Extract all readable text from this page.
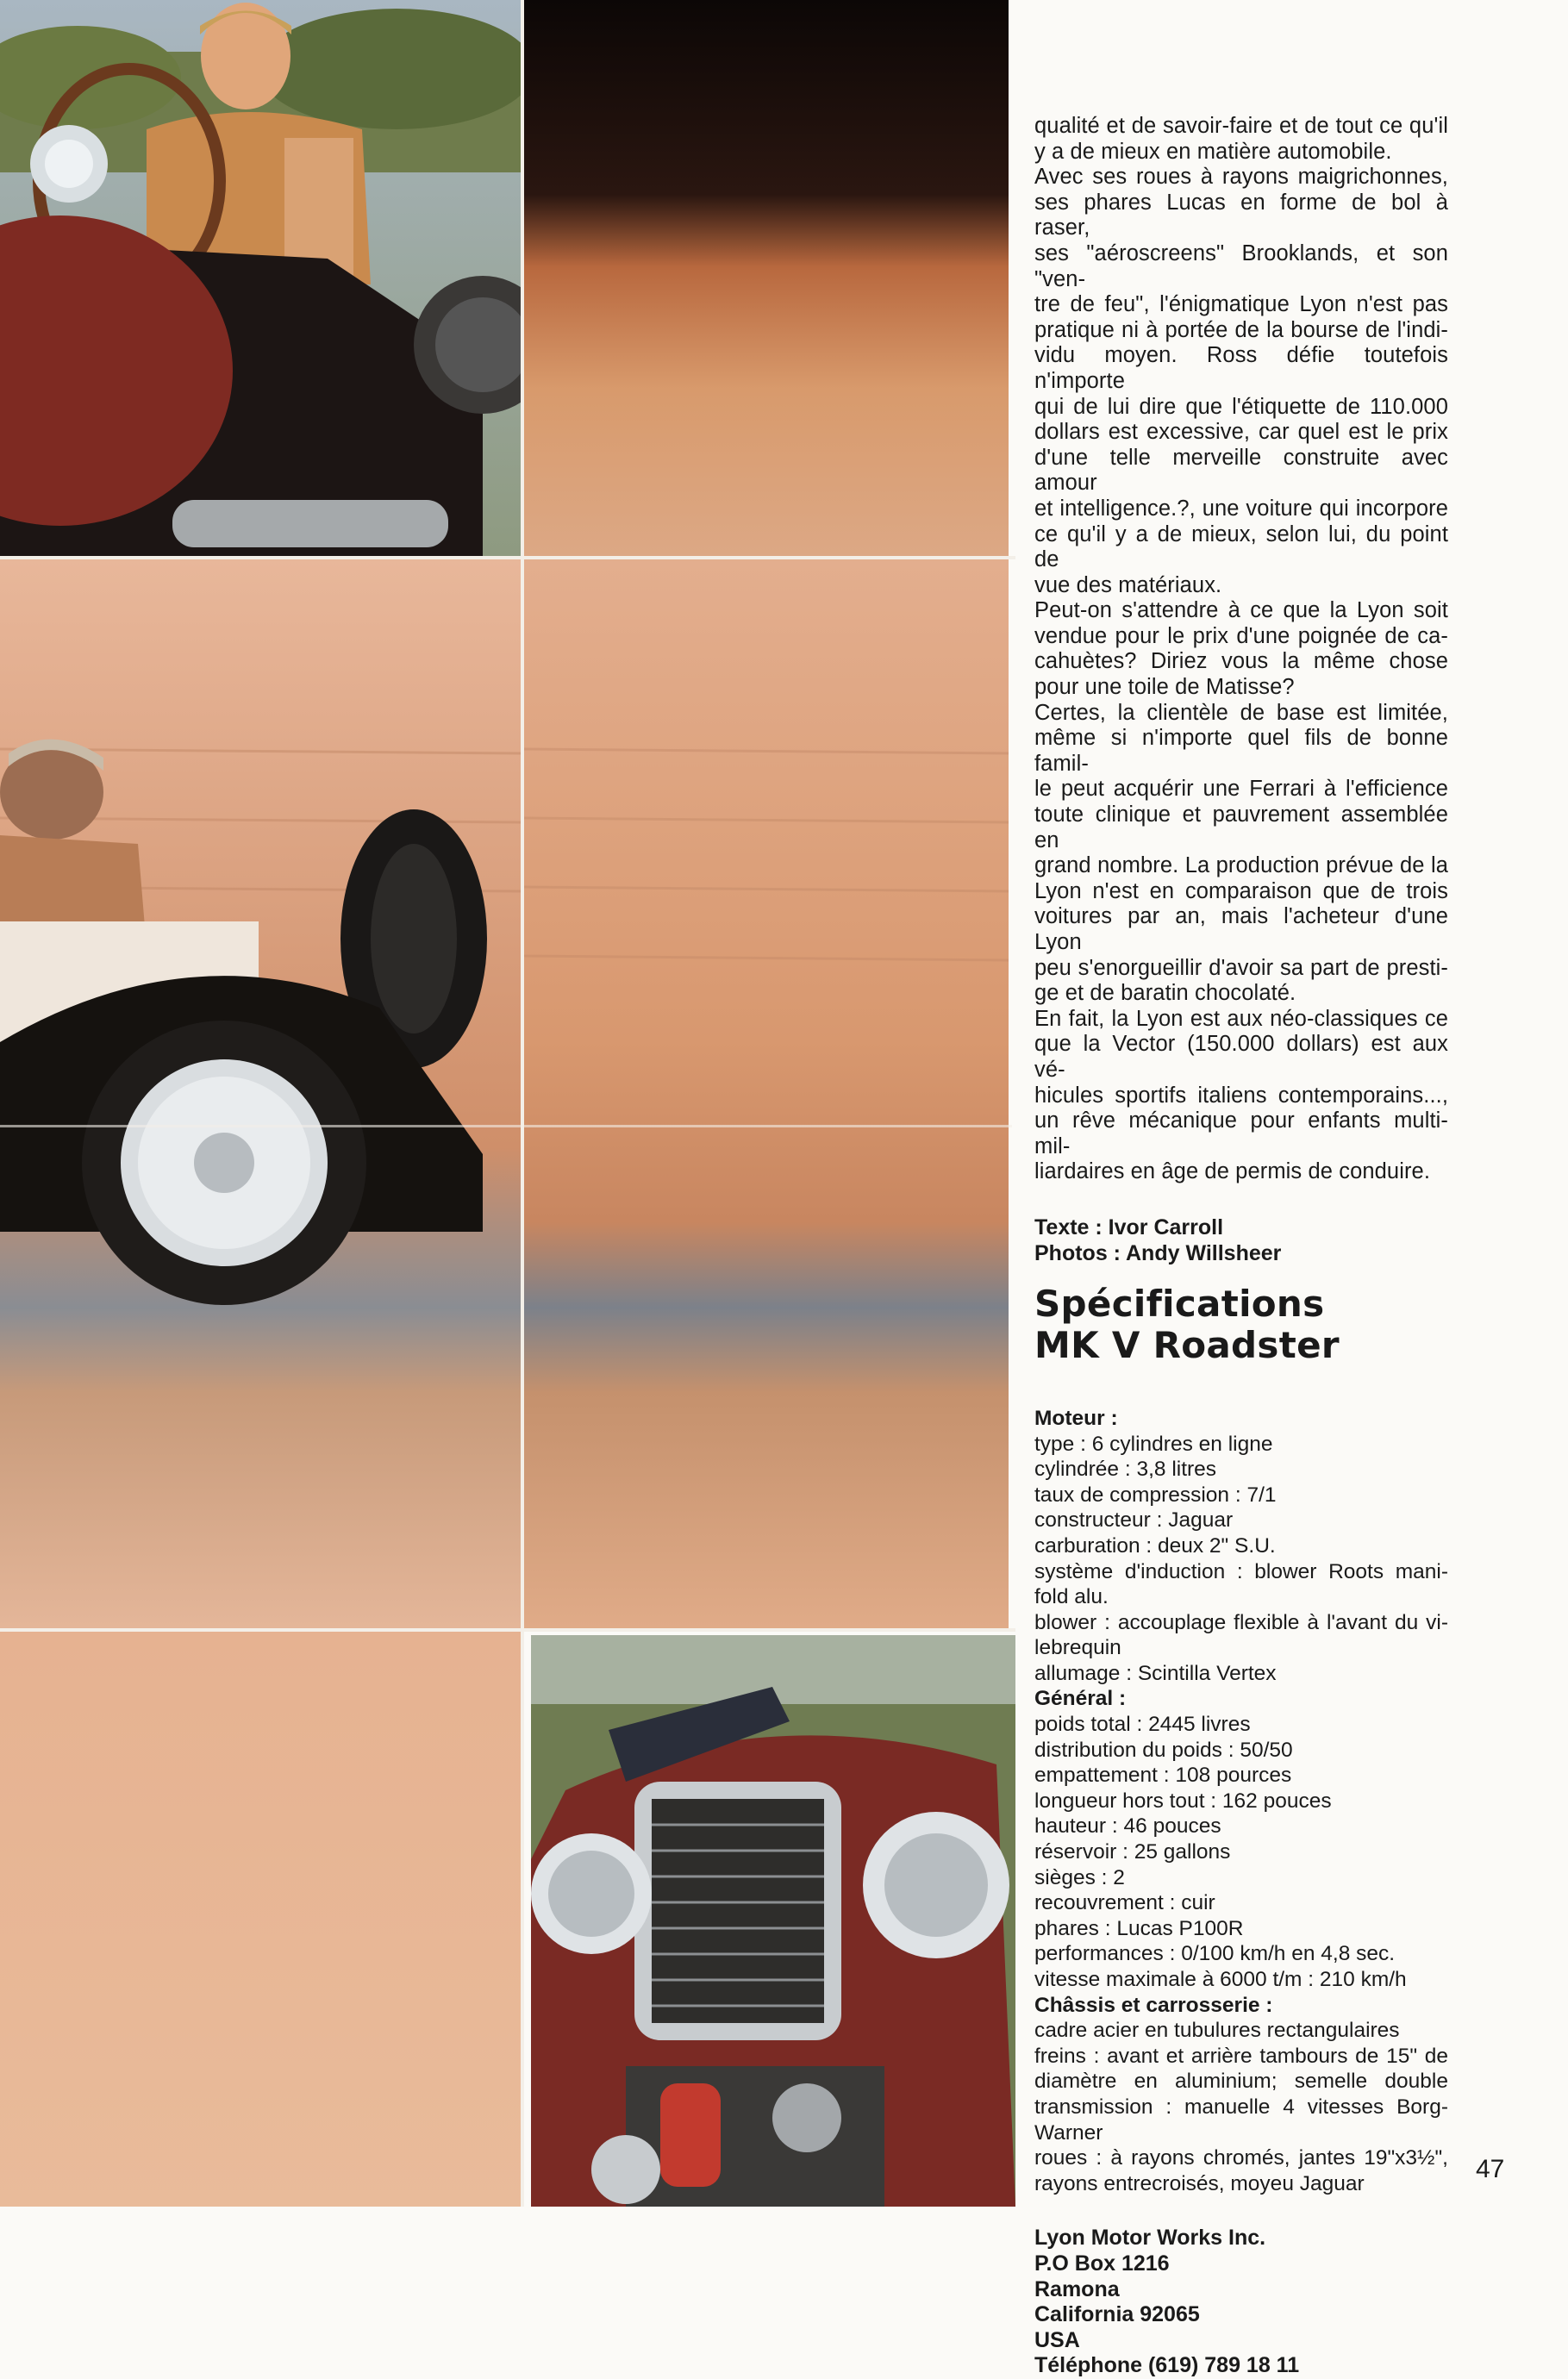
qualité et de savoir-faire et de tout ce qu'il
y a de mieux en matière automobile.
Avec ses roues à rayons maigrichonnes,
ses phares Lucas en forme de bol à raser,
ses "aéroscreens" Brooklands, et son "ven-
tre de feu", l'énigmatique Lyon n'est pas
pratique ni à portée de la bourse de l'indi-
vidu moyen. Ross défie toutefois n'importe
qui de lui dire que l'étiquette de 110.000
dollars est excessive, car quel est le prix
d'une telle merveille construite avec amour
et intelligence.?, une voiture qui incorpore
ce qu'il y a de mieux, selon lui, du point de
vue des matériaux.
Peut-on s'attendre à ce que la Lyon soit
vendue pour le prix d'une poignée de ca-
cahuètes? Diriez vous la même chose
pour une toile de Matisse?
Certes, la clientèle de base est limitée,
même si n'importe quel fils de bonne famil-
le peut acquérir une Ferrari à l'efficience
toute clinique et pauvrement assemblée en
grand nombre. La production prévue de la
Lyon n'est en comparaison que de trois
voitures par an, mais l'acheteur d'une Lyon
peu s'enorgueillir d'avoir sa part de presti-
ge et de baratin chocolaté.
En fait, la Lyon est aux néo-classiques ce
que la Vector (150.000 dollars) est aux vé-
hicules sportifs italiens contemporains...,
un rêve mécanique pour enfants multi-mil-
liardaires en âge de permis de conduire.
Texte : Ivor Carroll
Photos : Andy Willsheer
Spécifications
MK V Roadster
Moteur :
type : 6 cylindres en ligne
cylindrée : 3,8 litres
taux de compression : 7/1
constructeur : Jaguar
carburation : deux 2" S.U.
système d'induction : blower Roots mani-
fold alu.
blower : accouplage flexible à l'avant du vi-
lebrequin
allumage : Scintilla Vertex
Général :
poids total : 2445 livres
distribution du poids : 50/50
empattement : 108 pources
longueur hors tout : 162 pouces
hauteur : 46 pouces
réservoir : 25 gallons
sièges : 2
recouvrement : cuir
phares : Lucas P100R
performances : 0/100 km/h en 4,8 sec.
vitesse maximale à 6000 t/m : 210 km/h
Châssis et carrosserie :
cadre acier en tubulures rectangulaires
freins : avant et arrière tambours de 15" de
diamètre en aluminium; semelle double
transmission : manuelle 4 vitesses Borg-
Warner
roues : à rayons chromés, jantes 19"x3½",
rayons entrecroisés, moyeu Jaguar
Lyon Motor Works Inc.
P.O Box 1216
Ramona
California 92065
USA
Téléphone (619) 789 18 11
47
